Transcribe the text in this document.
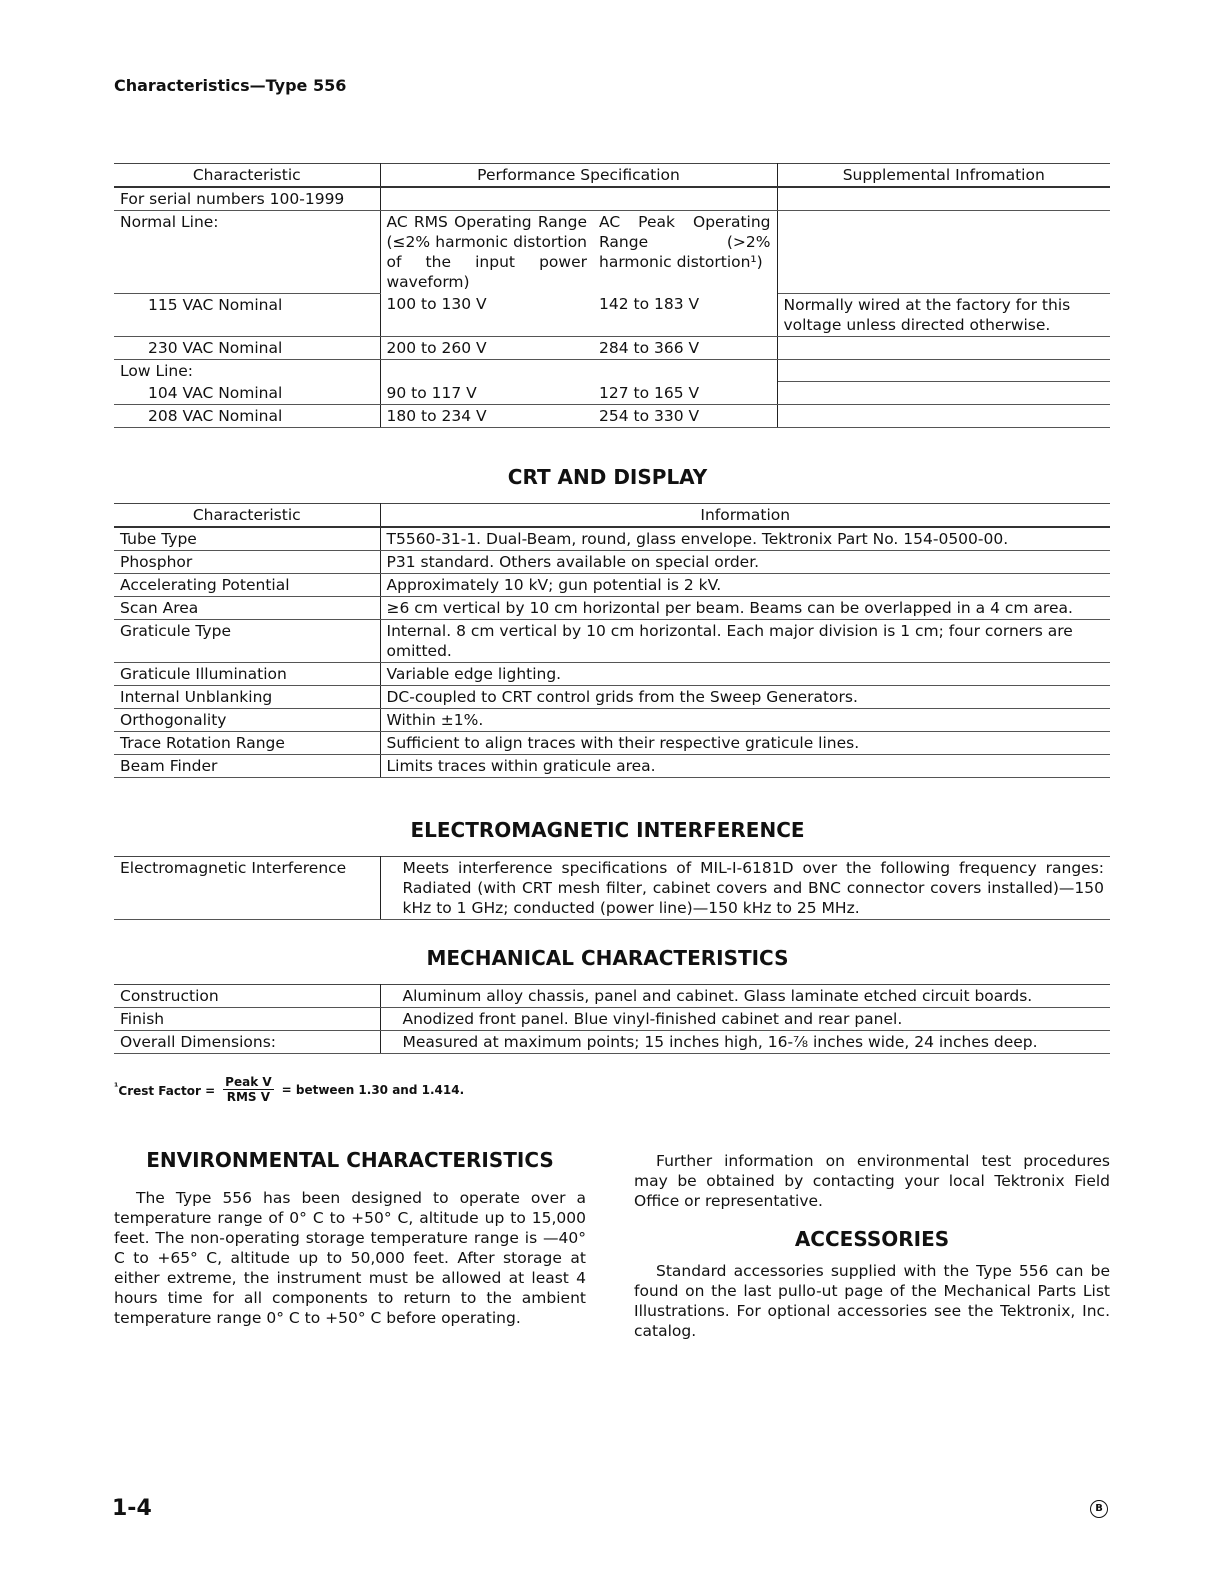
Characteristics—Type 556
Characteristic	Performance Specification		Supplemental Infromation
For serial numbers 100-1999			
Normal Line:	AC RMS Operating Range (≤2% harmonic distortion of the input power waveform)	AC Peak Operating Range (>2% harmonic distortion¹)	
115 VAC Nominal	100 to 130 V	142 to 183 V	Normally wired at the factory for this voltage unless directed otherwise.
230 VAC Nominal	200 to 260 V	284 to 366 V	
Low Line:			
104 VAC Nominal	90 to 117 V	127 to 165 V	
208 VAC Nominal	180 to 234 V	254 to 330 V	
CRT AND DISPLAY
Characteristic	Information
Tube Type	T5560-31-1. Dual-Beam, round, glass envelope. Tektronix Part No. 154-0500-00.
Phosphor	P31 standard. Others available on special order.
Accelerating Potential	Approximately 10 kV; gun potential is 2 kV.
Scan Area	≥6 cm vertical by 10 cm horizontal per beam. Beams can be overlapped in a 4 cm area.
Graticule Type	Internal. 8 cm vertical by 10 cm horizontal. Each major division is 1 cm; four corners are omitted.
Graticule Illumination	Variable edge lighting.
Internal Unblanking	DC-coupled to CRT control grids from the Sweep Generators.
Orthogonality	Within ±1%.
Trace Rotation Range	Sufficient to align traces with their respective graticule lines.
Beam Finder	Limits traces within graticule area.
ELECTROMAGNETIC INTERFERENCE
Electromagnetic Interference	Meets interference specifications of MIL-I-6181D over the following frequency ranges: Radiated (with CRT mesh filter, cabinet covers and BNC connector covers installed)—150 kHz to 1 GHz; conducted (power line)—150 kHz to 25 MHz.
MECHANICAL CHARACTERISTICS
Construction	Aluminum alloy chassis, panel and cabinet. Glass laminate etched circuit boards.
Finish	Anodized front panel. Blue vinyl-finished cabinet and rear panel.
Overall Dimensions:	Measured at maximum points; 15 inches high, 16-⅞ inches wide, 24 inches deep.
$^{^1}$Crest Factor = $\frac{\text{Peak V}}{\text{RMS V}}$ = between 1.30 and 1.414.
ENVIRONMENTAL CHARACTERISTICS

The Type 556 has been designed to operate over a temperature range of 0° C to +50° C, altitude up to 15,000 feet. The non-operating storage temperature range is —40° C to +65° C, altitude up to 50,000 feet. After storage at either extreme, the instrument must be allowed at least 4 hours time for all components to return to the ambient temperature range 0° C to +50° C before operating.

Further information on environmental test procedures may be obtained by contacting your local Tektronix Field Office or representative.

ACCESSORIES

Standard accessories supplied with the Type 556 can be found on the last pullo-ut page of the Mechanical Parts List Illustrations. For optional accessories see the Tektronix, Inc. catalog.

1-4	B
